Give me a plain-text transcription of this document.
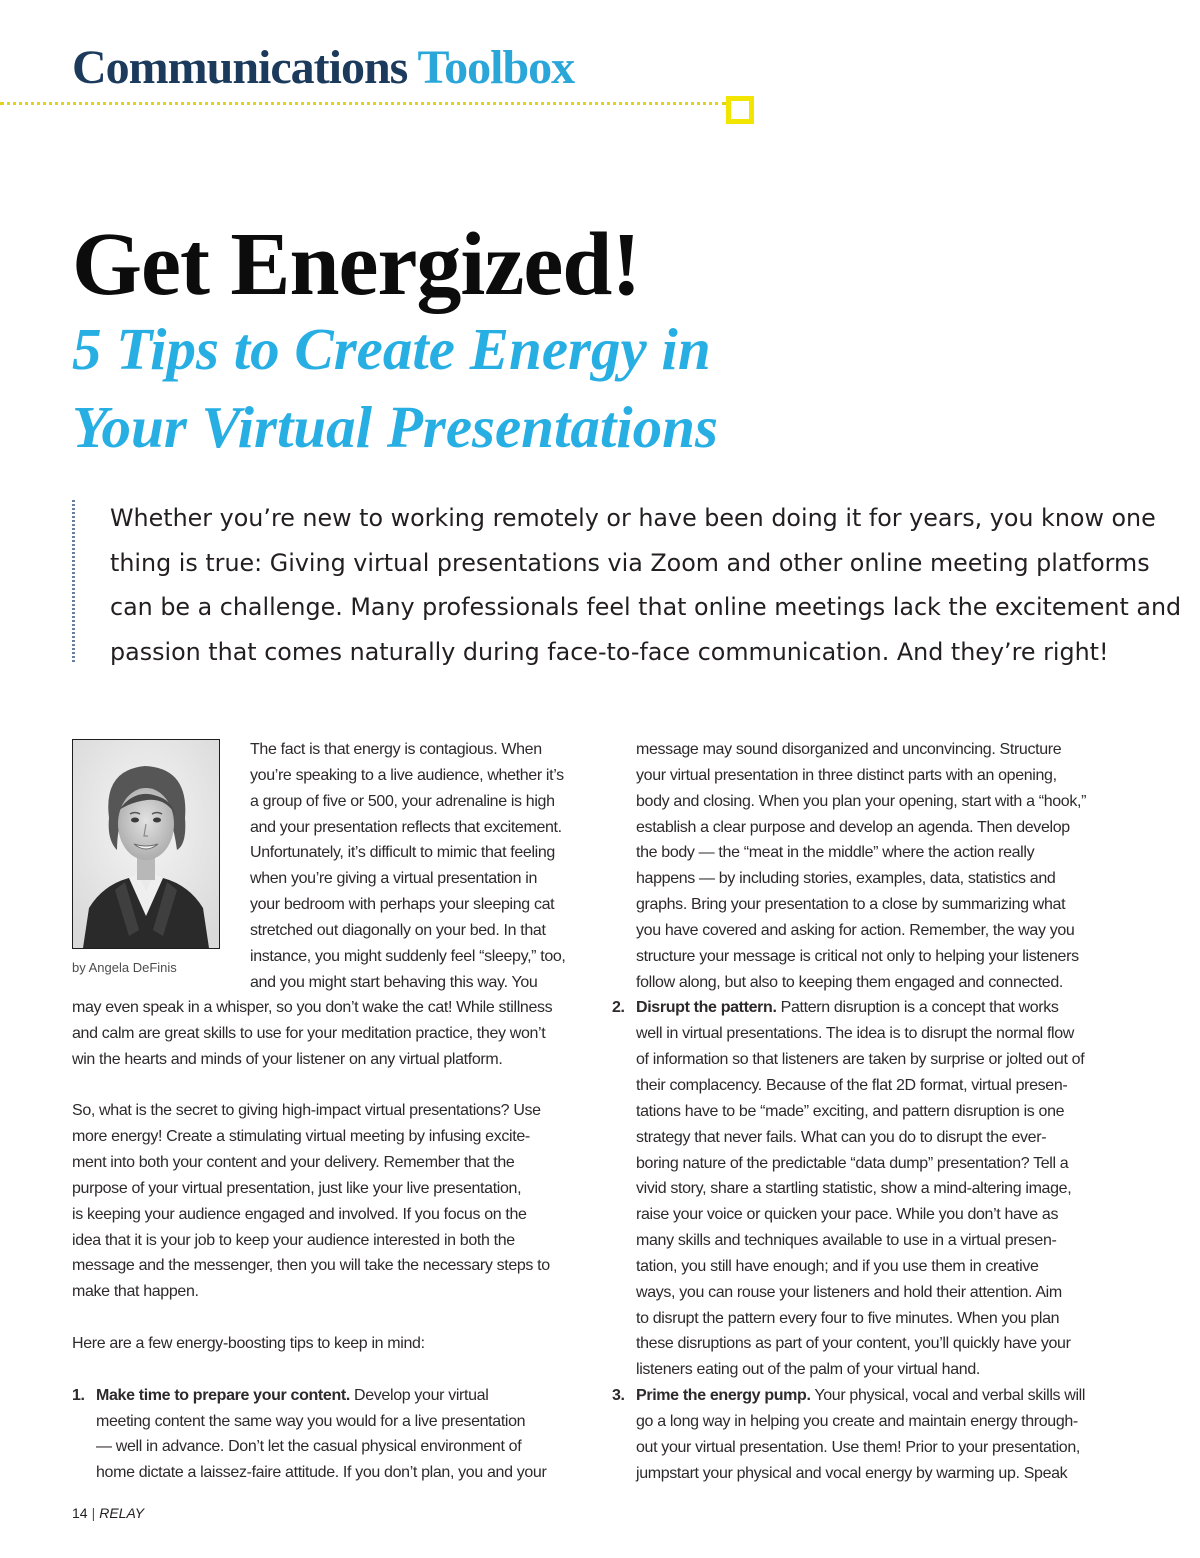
Communications Toolbox
Get Energized!
5 Tips to Create Energy in
Your Virtual Presentations
Whether you’re new to working remotely or have been doing it for years, you know one
thing is true: Giving virtual presentations via Zoom and other online meeting platforms
can be a challenge. Many professionals feel that online meetings lack the excitement and
passion that comes naturally during face-to-face communication. And they’re right!
by Angela DeFinis
The fact is that energy is contagious. When
you’re speaking to a live audience, whether it’s
a group of five or 500, your adrenaline is high
and your presentation reflects that excitement.
Unfortunately, it’s difficult to mimic that feeling
when you’re giving a virtual presentation in
your bedroom with perhaps your sleeping cat
stretched out diagonally on your bed. In that
instance, you might suddenly feel “sleepy,” too,
and you might start behaving this way. You
may even speak in a whisper, so you don’t wake the cat! While stillness
and calm are great skills to use for your meditation practice, they won’t
win the hearts and minds of your listener on any virtual platform.
So, what is the secret to giving high-impact virtual presentations? Use
more energy! Create a stimulating virtual meeting by infusing excite-
ment into both your content and your delivery. Remember that the
purpose of your virtual presentation, just like your live presentation,
is keeping your audience engaged and involved. If you focus on the
idea that it is your job to keep your audience interested in both the
message and the messenger, then you will take the necessary steps to
make that happen.
Here are a few energy-boosting tips to keep in mind:
1. Make time to prepare your content. Develop your virtual
meeting content the same way you would for a live presentation
— well in advance. Don’t let the casual physical environment of
home dictate a laissez-faire attitude. If you don’t plan, you and your
message may sound disorganized and unconvincing. Structure
your virtual presentation in three distinct parts with an opening,
body and closing. When you plan your opening, start with a “hook,”
establish a clear purpose and develop an agenda. Then develop
the body — the “meat in the middle” where the action really
happens — by including stories, examples, data, statistics and
graphs. Bring your presentation to a close by summarizing what
you have covered and asking for action. Remember, the way you
structure your message is critical not only to helping your listeners
follow along, but also to keeping them engaged and connected.
2. Disrupt the pattern. Pattern disruption is a concept that works
well in virtual presentations. The idea is to disrupt the normal flow
of information so that listeners are taken by surprise or jolted out of
their complacency. Because of the flat 2D format, virtual presen-
tations have to be “made” exciting, and pattern disruption is one
strategy that never fails. What can you do to disrupt the ever-
boring nature of the predictable “data dump” presentation? Tell a
vivid story, share a startling statistic, show a mind-altering image,
raise your voice or quicken your pace. While you don’t have as
many skills and techniques available to use in a virtual presen-
tation, you still have enough; and if you use them in creative
ways, you can rouse your listeners and hold their attention. Aim
to disrupt the pattern every four to five minutes. When you plan
these disruptions as part of your content, you’ll quickly have your
listeners eating out of the palm of your virtual hand.
3. Prime the energy pump. Your physical, vocal and verbal skills will
go a long way in helping you create and maintain energy through-
out your virtual presentation. Use them! Prior to your presentation,
jumpstart your physical and vocal energy by warming up. Speak
14 | RELAY
